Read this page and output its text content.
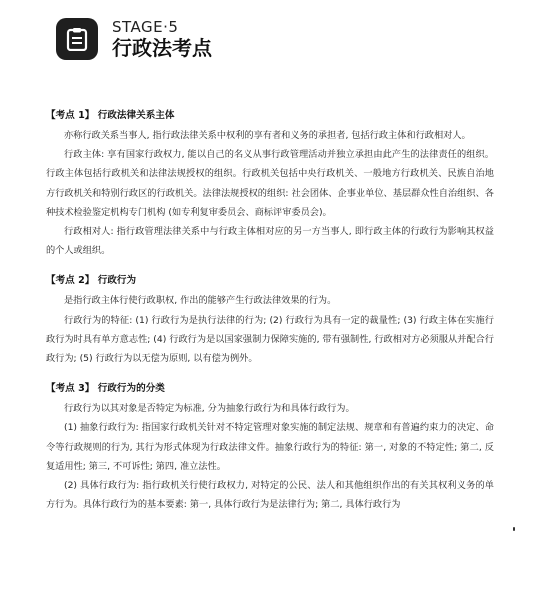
STAGE·5
行政法考点

【考点 1】 行政法律关系主体

亦称行政关系当事人, 指行政法律关系中权利的享有者和义务的承担者, 包括行政主体和行政相对人。

行政主体: 享有国家行政权力, 能以自己的名义从事行政管理活动并独立承担由此产生的法律责任的组织。行政主体包括行政机关和法律法规授权的组织。行政机关包括中央行政机关、一般地方行政机关、民族自治地方行政机关和特别行政区的行政机关。法律法规授权的组织: 社会团体、企事业单位、基层群众性自治组织、各种技术检验鉴定机构专门机构 (如专利复审委员会、商标评审委员会)。

行政相对人: 指行政管理法律关系中与行政主体相对应的另一方当事人, 即行政主体的行政行为影响其权益的个人或组织。

【考点 2】 行政行为

是指行政主体行使行政职权, 作出的能够产生行政法律效果的行为。

行政行为的特征: (1) 行政行为是执行法律的行为; (2) 行政行为具有一定的裁量性; (3) 行政主体在实施行政行为时具有单方意志性; (4) 行政行为是以国家强制力保障实施的, 带有强制性, 行政相对方必须服从并配合行政行为; (5) 行政行为以无偿为原则, 以有偿为例外。

【考点 3】 行政行为的分类

行政行为以其对象是否特定为标准, 分为抽象行政行为和具体行政行为。

(1) 抽象行政行为: 指国家行政机关针对不特定管理对象实施的制定法规、规章和有普遍约束力的决定、命令等行政规则的行为, 其行为形式体现为行政法律文件。抽象行政行为的特征: 第一, 对象的不特定性; 第二, 反复适用性; 第三, 不可诉性; 第四, 准立法性。

(2) 具体行政行为: 指行政机关行使行政权力, 对特定的公民、法人和其他组织作出的有关其权利义务的单方行为。具体行政行为的基本要素: 第一, 具体行政行为是法律行为; 第二, 具体行政行为
